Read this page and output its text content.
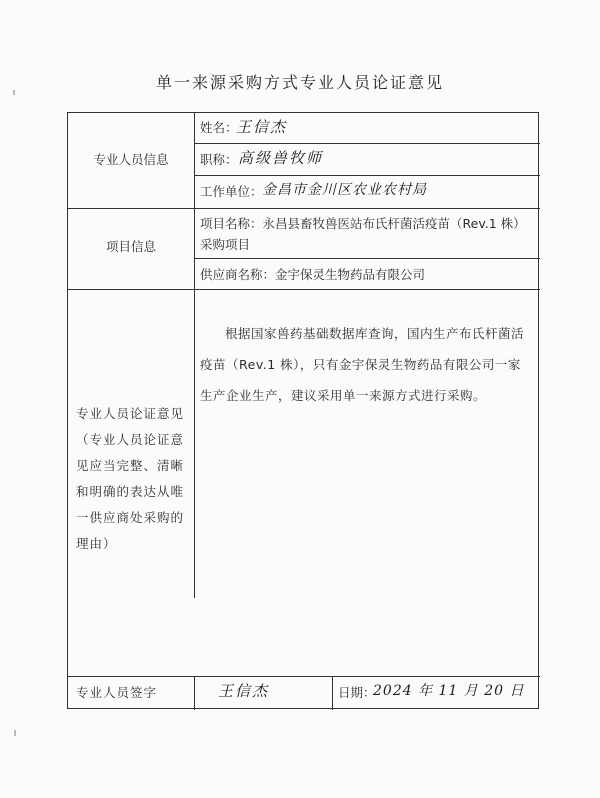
单一来源采购方式专业人员论证意见
专业人员信息
姓名：
王信杰
职称： 高级兽牧师
工作单位： 金昌市金川区农业农村局
项目信息
项目名称：永昌县畜牧兽医站布氏杆菌活疫苗（Rev.1 株）
采购项目
供应商名称：金宇保灵生物药品有限公司
专业人员论证意见
（专业人员论证意
见应当完整、清晰
和明确的表达从唯
一供应商处采购的
理由）
根据国家兽药基础数据库查询，国内生产布氏杆菌活
疫苗（Rev.1 株），只有金宇保灵生物药品有限公司一家
生产企业生产，建议采用单一来源方式进行采购。
专业人员签字	王信杰	日期：
2024 年 11 月 20 日
